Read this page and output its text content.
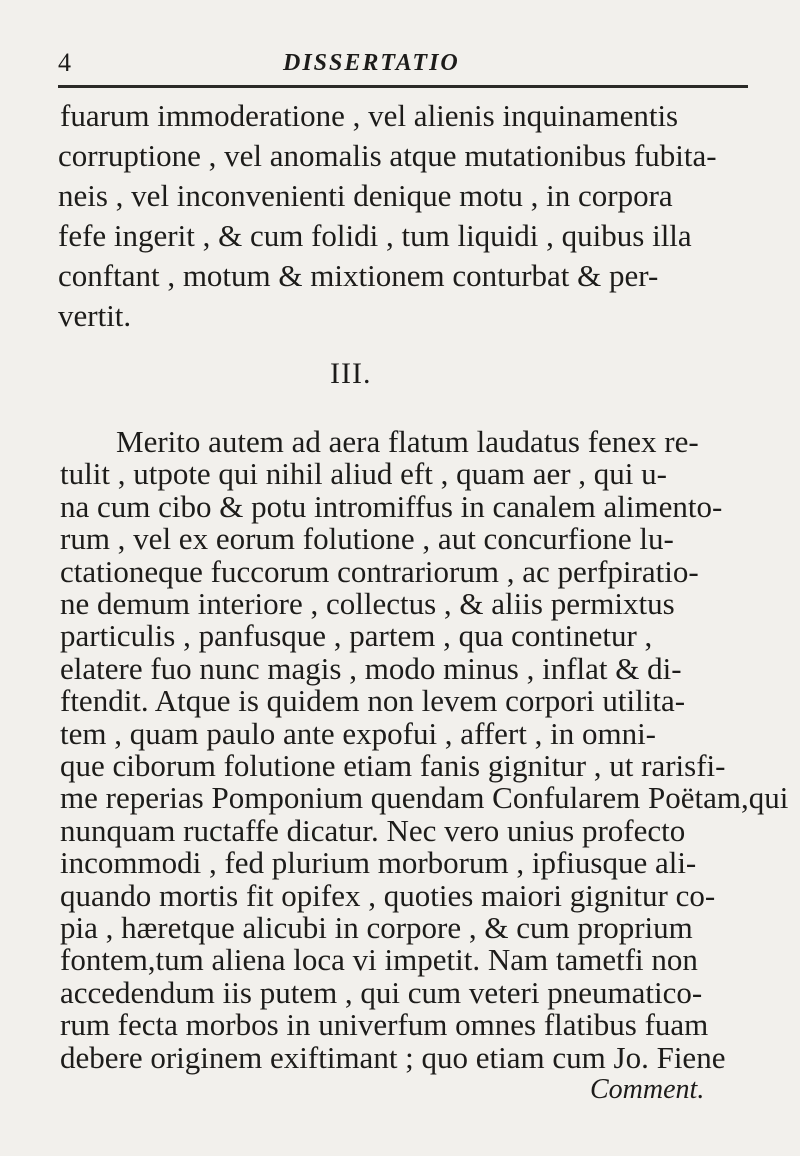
4	DISSERTATIO
fuarum immoderatione , vel alienis inquinamentis
corruptione , vel anomalis atque mutationibus fubita-
neis , vel inconvenienti denique motu , in corpora
fefe ingerit , & cum folidi , tum liquidi , quibus illa
conftant , motum & mixtionem conturbat & per-
vertit.
III.
Merito autem ad aera flatum laudatus fenex re-
tulit , utpote qui nihil aliud eft , quam aer , qui u-
na cum cibo & potu intromiffus in canalem alimento-
rum , vel ex eorum folutione , aut concurfione lu-
ctationeque fuccorum contrariorum , ac perfpiratio-
ne demum interiore , collectus , & aliis permixtus
particulis , panfusque , partem , qua continetur ,
elatere fuo nunc magis , modo minus , inflat & di-
ftendit. Atque is quidem non levem corpori utilita-
tem , quam paulo ante expofui , affert , in omni-
que ciborum folutione etiam fanis gignitur , ut rarisfi-
me reperias Pomponium quendam Confularem Poëtam,qui
nunquam ructaffe dicatur. Nec vero unius profecto
incommodi , fed plurium morborum , ipfiusque ali-
quando mortis fit opifex , quoties maiori gignitur co-
pia , hæretque alicubi in corpore , & cum proprium
fontem,tum aliena loca vi impetit. Nam tametfi non
accedendum iis putem , qui cum veteri pneumatico-
rum fecta morbos in univerfum omnes flatibus fuam
debere originem exiftimant ; quo etiam cum Jo. Fiene
Comment.
